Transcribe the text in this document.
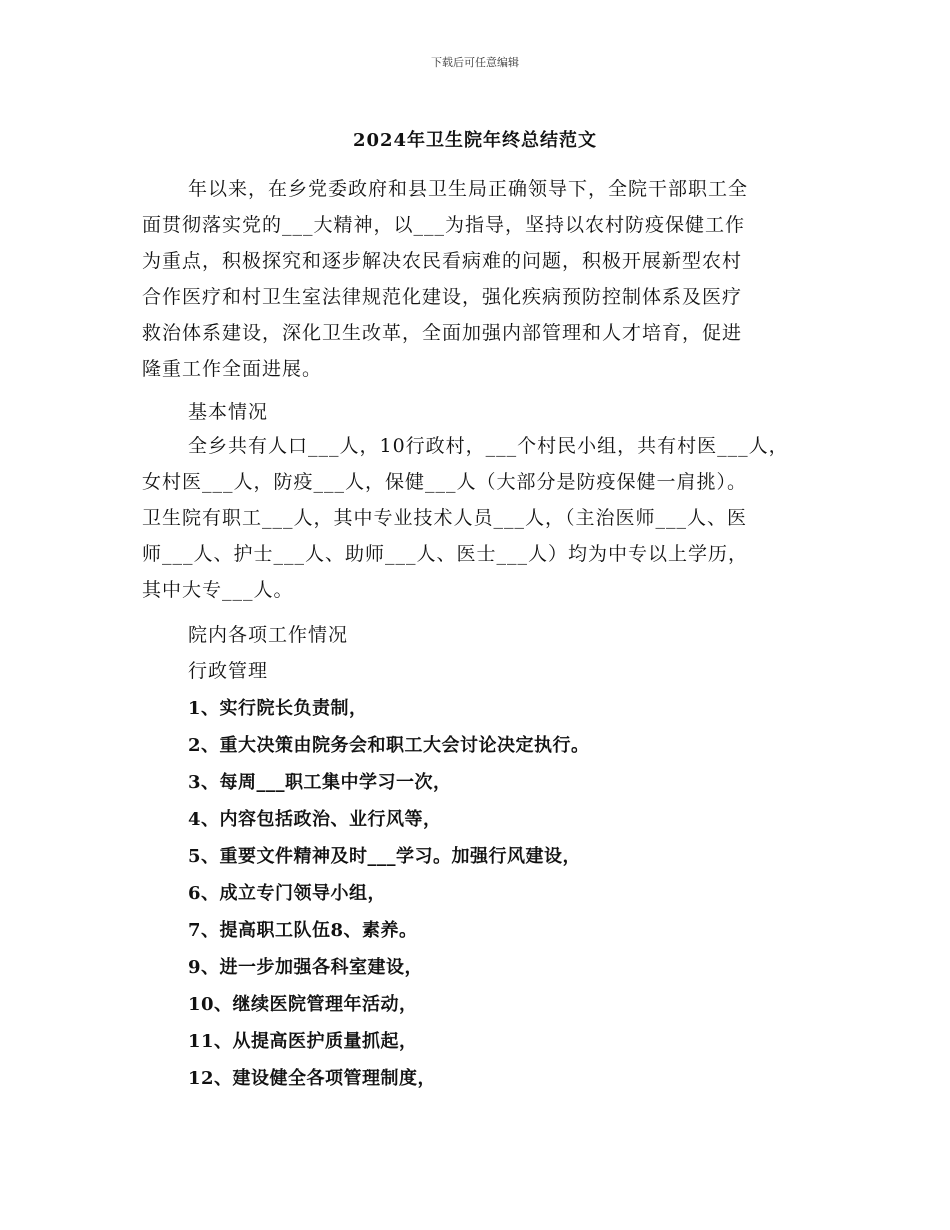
下载后可任意编辑
2024年卫生院年终总结范文
年以来，在乡党委政府和县卫生局正确领导下，全院干部职工全
面贯彻落实党的___大精神，以___为指导，坚持以农村防疫保健工作
为重点，积极探究和逐步解决农民看病难的问题，积极开展新型农村
合作医疗和村卫生室法律规范化建设，强化疾病预防控制体系及医疗
救治体系建设，深化卫生改革，全面加强内部管理和人才培育，促进
隆重工作全面进展。
基本情况
全乡共有人口___人，10行政村，___个村民小组，共有村医___人，
女村医___人，防疫___人，保健___人（大部分是防疫保健一肩挑）。
卫生院有职工___人，其中专业技术人员___人，（主治医师___人、医
师___人、护士___人、助师___人、医士___人）均为中专以上学历，
其中大专___人。
院内各项工作情况
行政管理
1、实行院长负责制，
2、重大决策由院务会和职工大会讨论决定执行。
3、每周___职工集中学习一次，
4、内容包括政治、业行风等，
5、重要文件精神及时___学习。加强行风建设，
6、成立专门领导小组，
7、提高职工队伍8、素养。
9、进一步加强各科室建设，
10、继续医院管理年活动，
11、从提高医护质量抓起，
12、建设健全各项管理制度，
